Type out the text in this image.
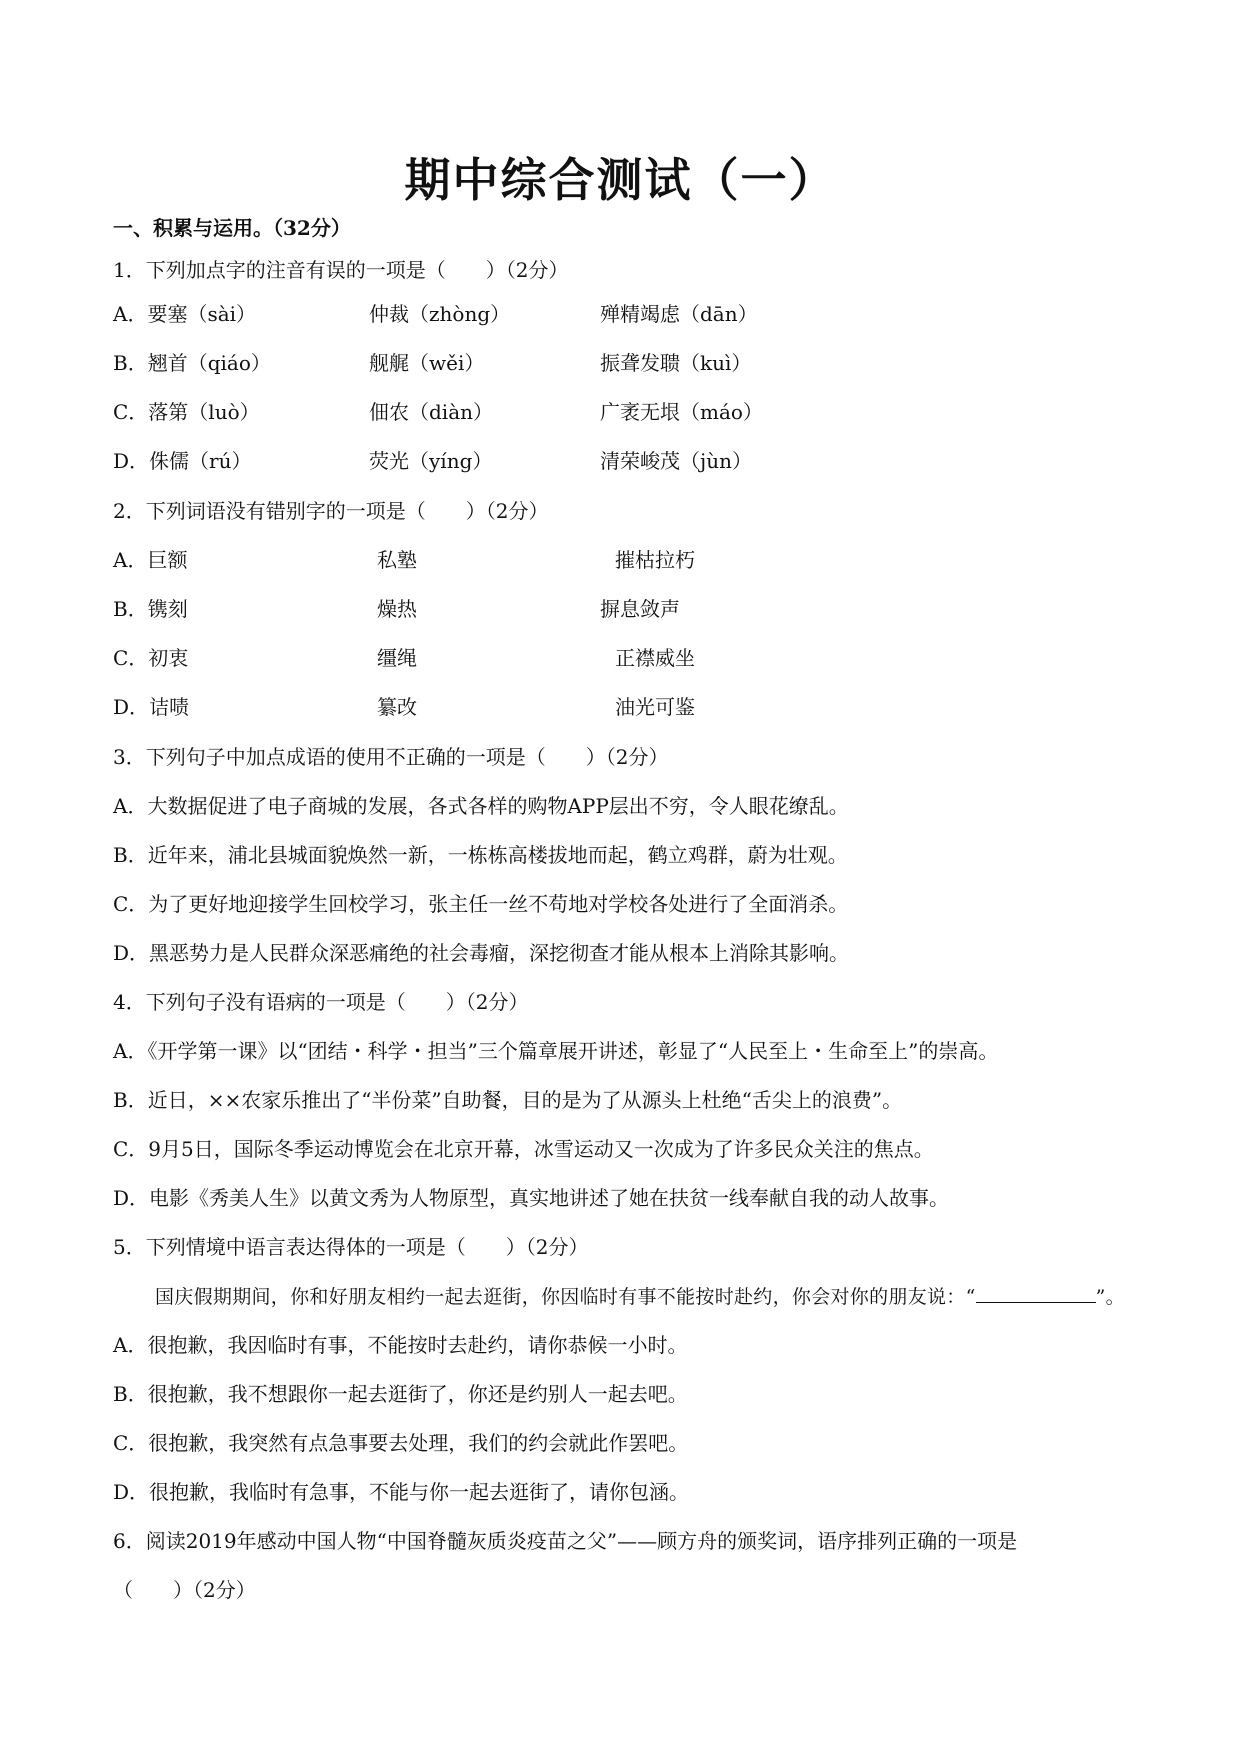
期中综合测试（一）
一、积累与运用。（32分）
1．下列加点字的注音有误的一项是（　　）（2分）
A．要塞（sài）	仲裁（zhòng）	殚精竭虑（dān）
B．翘首（qiáo）	舰艉（wěi）	振聋发聩（kuì）
C．落第（luò）	佃农（diàn）	广袤无垠（máo）
D．侏儒（rú）	荧光（yíng）	清荣峻茂（jùn）
2．下列词语没有错别字的一项是（　　）（2分）
A．巨额	私塾	摧枯拉朽
B．镌刻	燥热	摒息敛声
C．初衷	缰绳	正襟威坐
D．诘啧	纂改	油光可鉴
3．下列句子中加点成语的使用不正确的一项是（　　）（2分）
A．大数据促进了电子商城的发展，各式各样的购物APP层出不穷，令人眼花缭乱。
B．近年来，浦北县城面貌焕然一新，一栋栋高楼拔地而起，鹤立鸡群，蔚为壮观。
C．为了更好地迎接学生回校学习，张主任一丝不苟地对学校各处进行了全面消杀。
D．黑恶势力是人民群众深恶痛绝的社会毒瘤，深挖彻查才能从根本上消除其影响。
4．下列句子没有语病的一项是（　　）（2分）
A．《开学第一课》以“团结・科学・担当”三个篇章展开讲述，彰显了“人民至上・生命至上”的崇高。
B．近日，××农家乐推出了“半份菜”自助餐，目的是为了从源头上杜绝“舌尖上的浪费”。
C．9月5日，国际冬季运动博览会在北京开幕，冰雪运动又一次成为了许多民众关注的焦点。
D．电影《秀美人生》以黄文秀为人物原型，真实地讲述了她在扶贫一线奉献自我的动人故事。
5．下列情境中语言表达得体的一项是（　　）（2分）
国庆假期期间，你和好朋友相约一起去逛街，你因临时有事不能按时赴约，你会对你的朋友说：“	”。
A．很抱歉，我因临时有事，不能按时去赴约，请你恭候一小时。
B．很抱歉，我不想跟你一起去逛街了，你还是约别人一起去吧。
C．很抱歉，我突然有点急事要去处理，我们的约会就此作罢吧。
D．很抱歉，我临时有急事，不能与你一起去逛街了，请你包涵。
6．阅读2019年感动中国人物“中国脊髓灰质炎疫苗之父”——顾方舟的颁奖词，语序排列正确的一项是
（　　）（2分）
